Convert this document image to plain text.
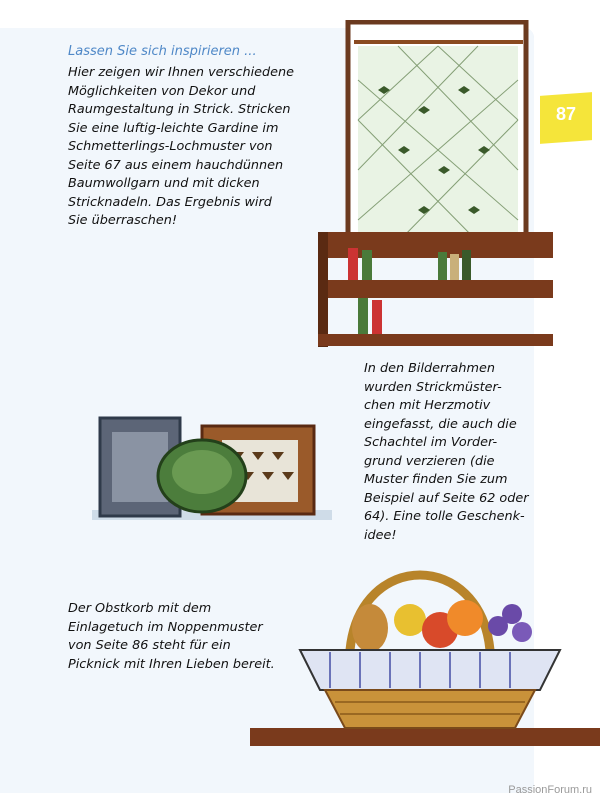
87

Lassen Sie sich inspirieren ...

Hier zeigen wir Ihnen verschiedene
Möglichkeiten von Dekor und
Raumgestaltung in Strick. Stricken
Sie eine luftig-leichte Gardine im
Schmetterlings-Lochmuster von
Seite 67 aus einem hauchdünnen
Baumwollgarn und mit dicken
Stricknadeln. Das Ergebnis wird
Sie überraschen!
In den Bilderrahmen
wurden Strickmüster-
chen mit Herzmotiv
eingefasst, die auch die
Schachtel im Vorder-
grund verzieren (die
Muster finden Sie zum
Beispiel auf Seite 62 oder
64). Eine tolle Geschenk-
idee!
Der Obstkorb mit dem
Einlagetuch im Noppenmuster
von Seite 86 steht für ein
Picknick mit Ihren Lieben bereit.
PassionForum.ru
